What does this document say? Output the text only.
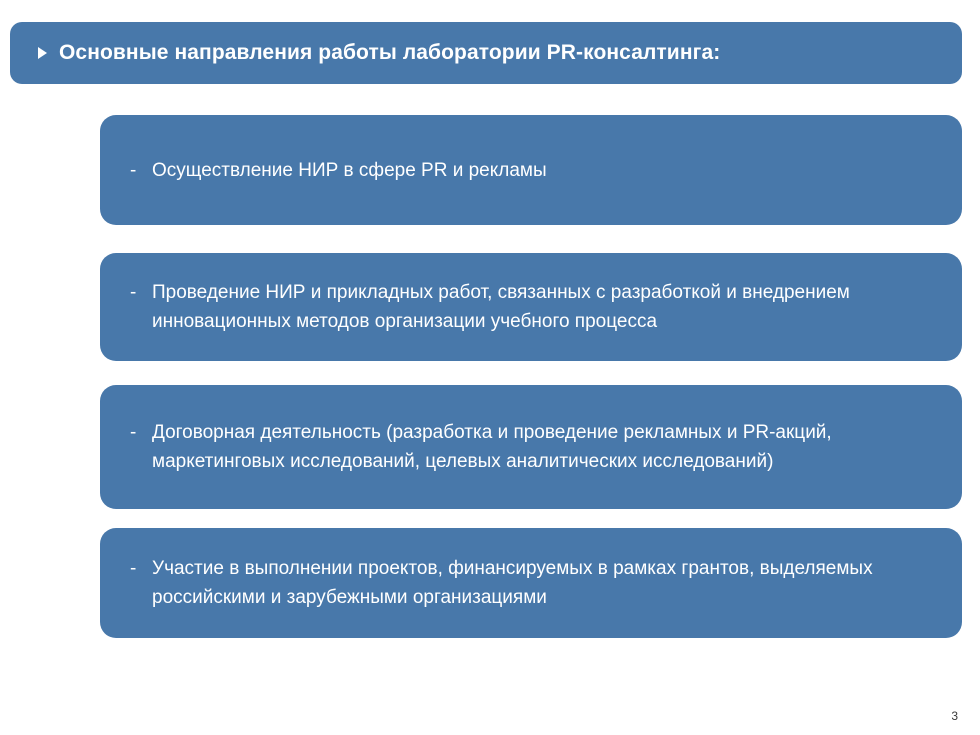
Основные направления работы лаборатории PR-консалтинга:
- Осуществление НИР в сфере PR и рекламы
- Проведение НИР и прикладных работ, связанных с разработкой и внедрением инновационных методов организации учебного процесса
- Договорная деятельность (разработка и проведение рекламных и PR-акций, маркетинговых исследований, целевых аналитических исследований)
- Участие в выполнении проектов, финансируемых в рамках грантов, выделяемых российскими и зарубежными организациями
3
